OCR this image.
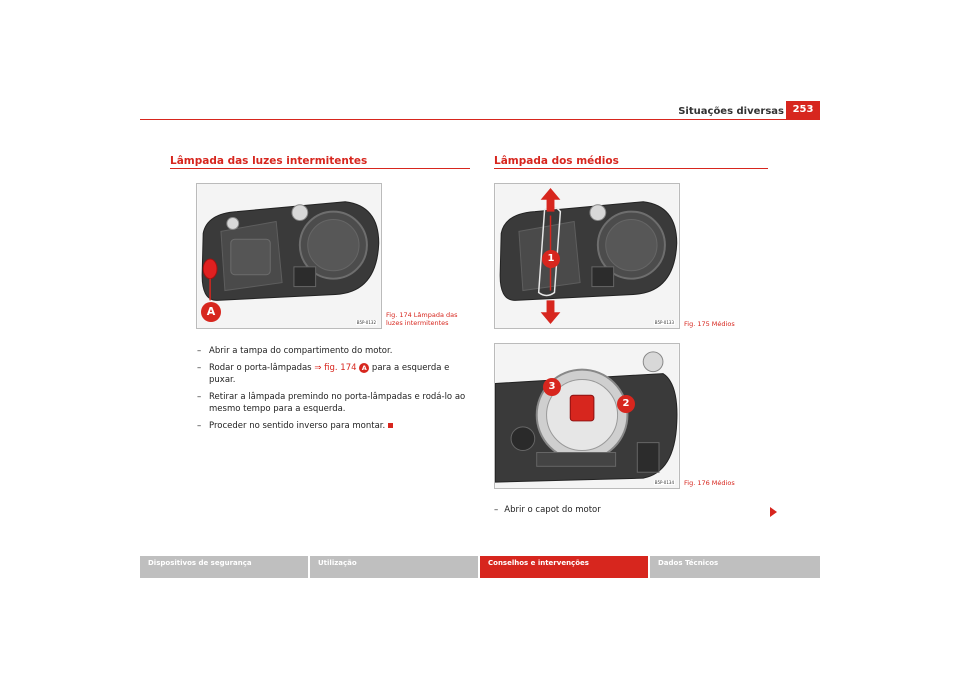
Situações diversas 253
Lâmpada das luzes intermitentes
A
B5P-0132
Fig. 174 Lâmpada das
luzes intermitentes
– Abrir a tampa do compartimento do motor.
– Rodar o porta-lâmpadas ⇒ fig. 174 A para a esquerda e puxar.
– Retirar a lâmpada premindo no porta-lâmpadas e rodá-lo ao
mesmo tempo para a esquerda.
– Proceder no sentido inverso para montar.
Lâmpada dos médios
1
B5P-0133 Fig. 175 Médios
3
2
B5P-0134 Fig. 176 Médios
– Abrir o capot do motor
Dispositivos de segurança	Utilização	Conselhos e intervenções	Dados Técnicos
